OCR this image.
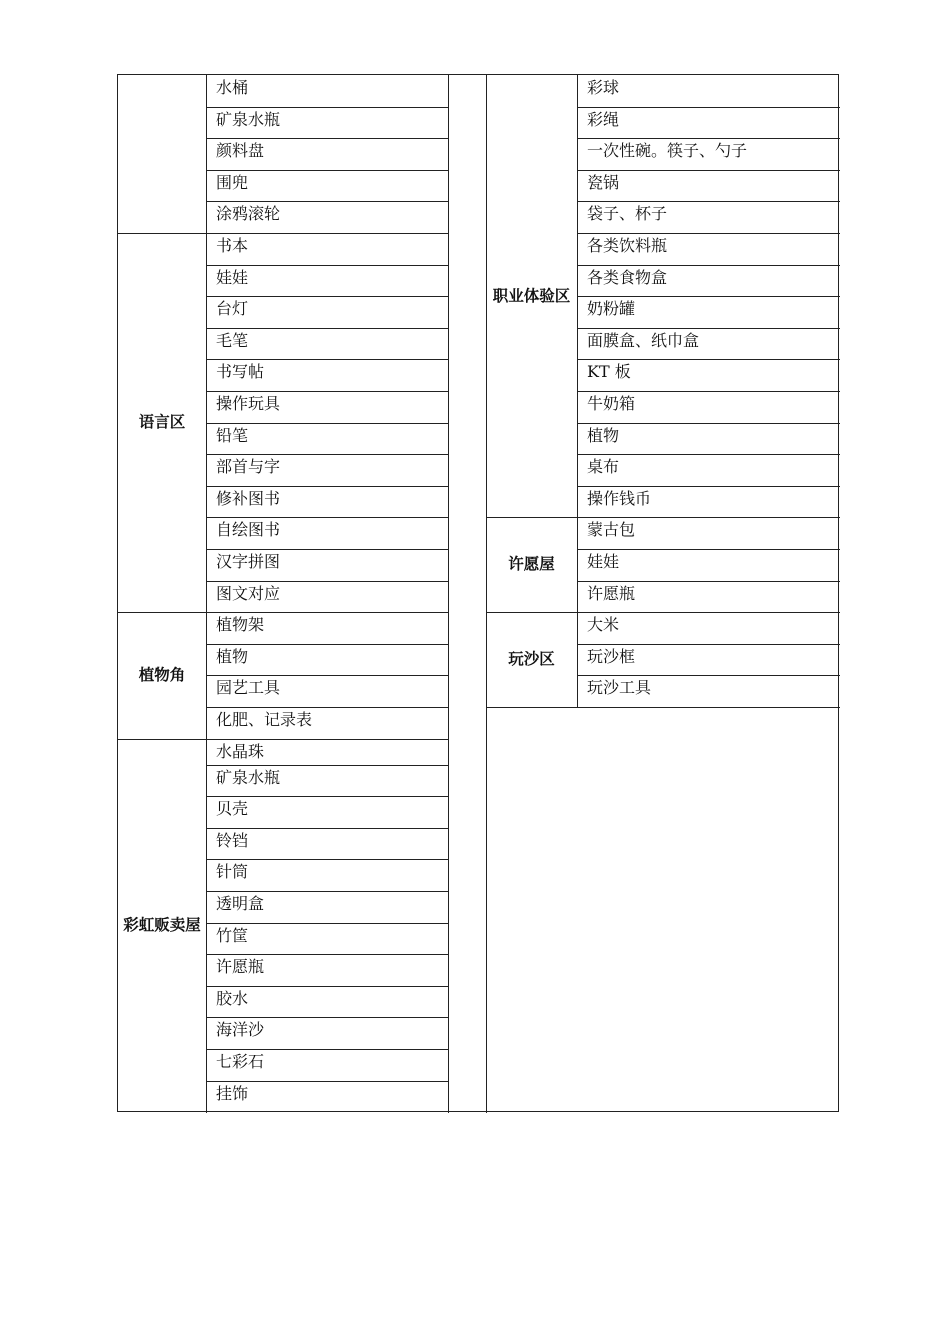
水桶
矿泉水瓶
颜料盘
围兜
涂鸦滚轮
书本
娃娃
台灯
毛笔
书写帖
操作玩具
铅笔
部首与字
修补图书
自绘图书
汉字拼图
图文对应
语言区
植物架
植物
园艺工具
化肥、记录表
植物角
水晶珠
矿泉水瓶
贝壳
铃铛
针筒
透明盒
竹筐
许愿瓶
胶水
海洋沙
七彩石
挂饰
彩虹贩卖屋
彩球
彩绳
一次性碗。筷子、勺子
瓷锅
袋子、杯子
各类饮料瓶
各类食物盒
奶粉罐
面膜盒、纸巾盒
KT 板
牛奶箱
植物
桌布
操作钱币
职业体验区
蒙古包
娃娃
许愿瓶
许愿屋
大米
玩沙框
玩沙工具
玩沙区
